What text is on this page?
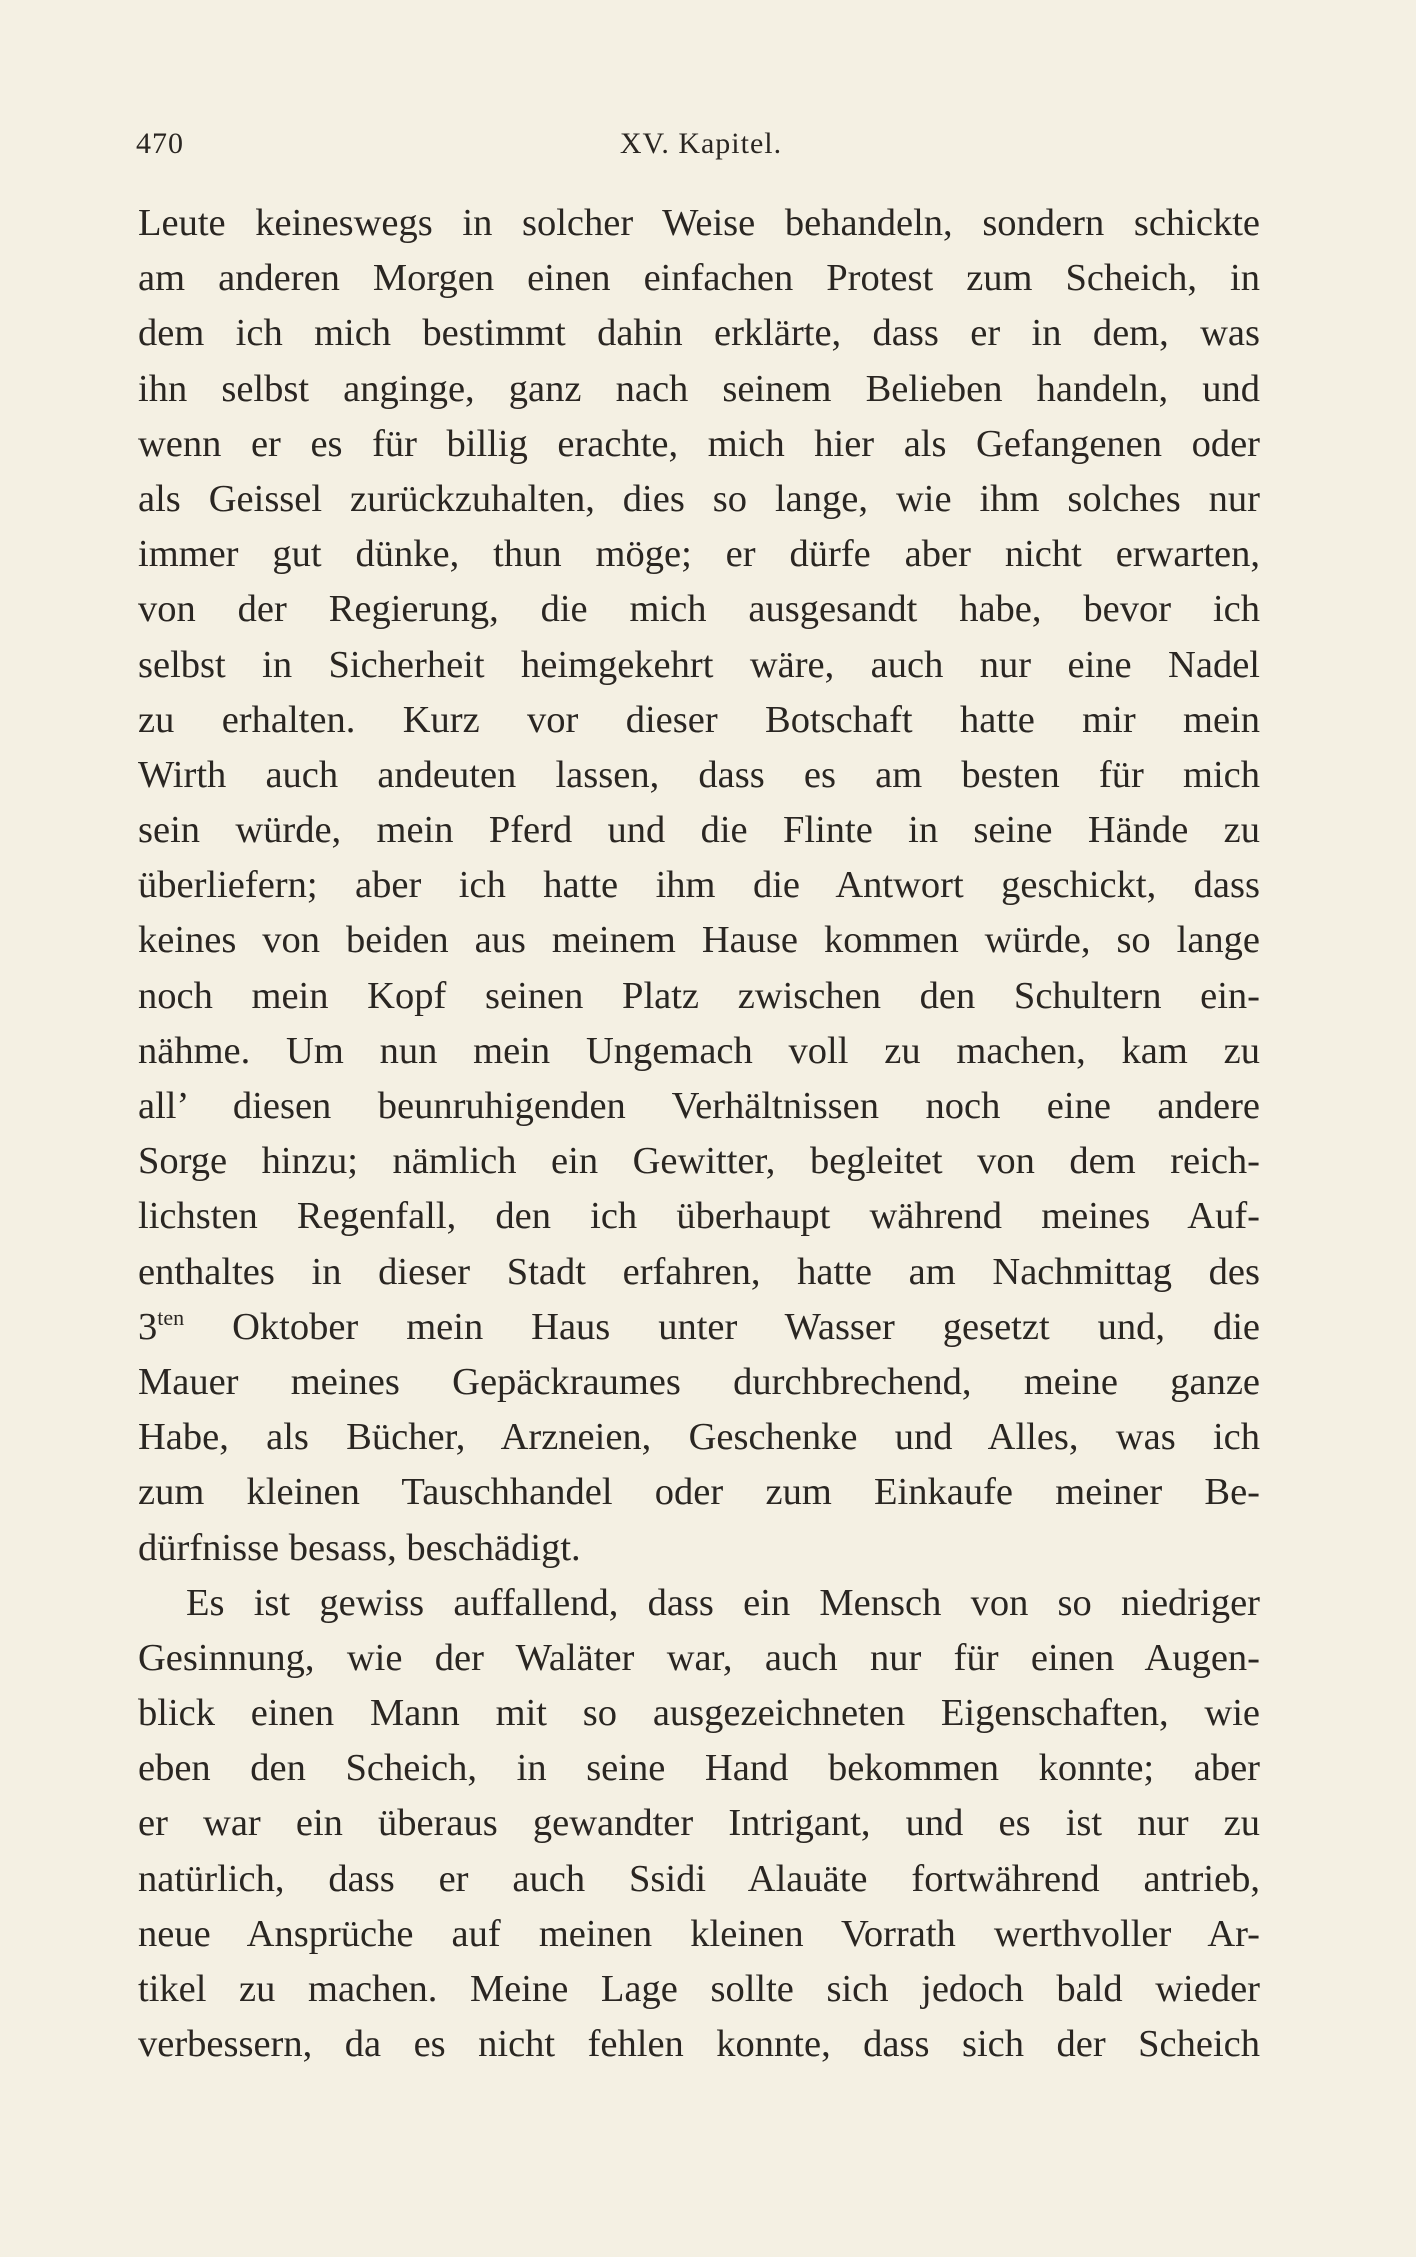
470	XV. Kapitel.
Leute keineswegs in solcher Weise behandeln, sondern schickte
am anderen Morgen einen einfachen Protest zum Scheich, in
dem ich mich bestimmt dahin erklärte, dass er in dem, was
ihn selbst anginge, ganz nach seinem Belieben handeln, und
wenn er es für billig erachte, mich hier als Gefangenen oder
als Geissel zurückzuhalten, dies so lange, wie ihm solches nur
immer gut dünke, thun möge; er dürfe aber nicht erwarten,
von der Regierung, die mich ausgesandt habe, bevor ich
selbst in Sicherheit heimgekehrt wäre, auch nur eine Nadel
zu erhalten. Kurz vor dieser Botschaft hatte mir mein
Wirth auch andeuten lassen, dass es am besten für mich
sein würde, mein Pferd und die Flinte in seine Hände zu
überliefern; aber ich hatte ihm die Antwort geschickt, dass
keines von beiden aus meinem Hause kommen würde, so lange
noch mein Kopf seinen Platz zwischen den Schultern ein-
nähme. Um nun mein Ungemach voll zu machen, kam zu
all’ diesen beunruhigenden Verhältnissen noch eine andere
Sorge hinzu; nämlich ein Gewitter, begleitet von dem reich-
lichsten Regenfall, den ich überhaupt während meines Auf-
enthaltes in dieser Stadt erfahren, hatte am Nachmittag des
$3^{ten}$ Oktober mein Haus unter Wasser gesetzt und, die
Mauer meines Gepäckraumes durchbrechend, meine ganze
Habe, als Bücher, Arzneien, Geschenke und Alles, was ich
zum kleinen Tauschhandel oder zum Einkaufe meiner Be-
dürfnisse besass, beschädigt.
Es ist gewiss auffallend, dass ein Mensch von so niedriger
Gesinnung, wie der Waläter war, auch nur für einen Augen-
blick einen Mann mit so ausgezeichneten Eigenschaften, wie
eben den Scheich, in seine Hand bekommen konnte; aber
er war ein überaus gewandter Intrigant, und es ist nur zu
natürlich, dass er auch Ssidi Alauäte fortwährend antrieb,
neue Ansprüche auf meinen kleinen Vorrath werthvoller Ar-
tikel zu machen. Meine Lage sollte sich jedoch bald wieder
verbessern, da es nicht fehlen konnte, dass sich der Scheich
